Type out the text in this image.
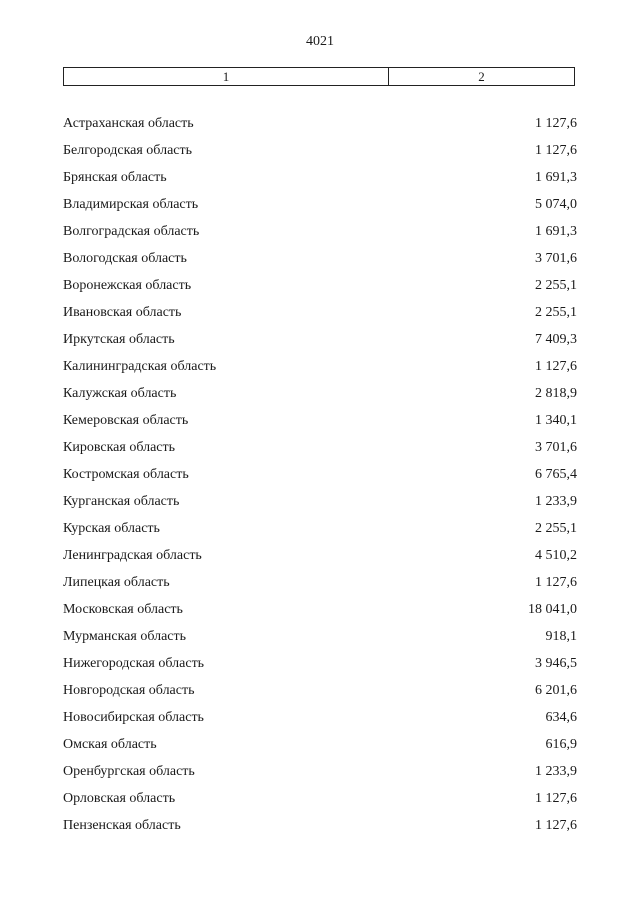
4021
1	2
Астраханская область	1 127,6
Белгородская область	1 127,6
Брянская область	1 691,3
Владимирская область	5 074,0
Волгоградская область	1 691,3
Вологодская область	3 701,6
Воронежская область	2 255,1
Ивановская область	2 255,1
Иркутская область	7 409,3
Калининградская область	1 127,6
Калужская область	2 818,9
Кемеровская область	1 340,1
Кировская область	3 701,6
Костромская область	6 765,4
Курганская область	1 233,9
Курская область	2 255,1
Ленинградская область	4 510,2
Липецкая область	1 127,6
Московская область	18 041,0
Мурманская область	918,1
Нижегородская область	3 946,5
Новгородская область	6 201,6
Новосибирская область	634,6
Омская область	616,9
Оренбургская область	1 233,9
Орловская область	1 127,6
Пензенская область	1 127,6
